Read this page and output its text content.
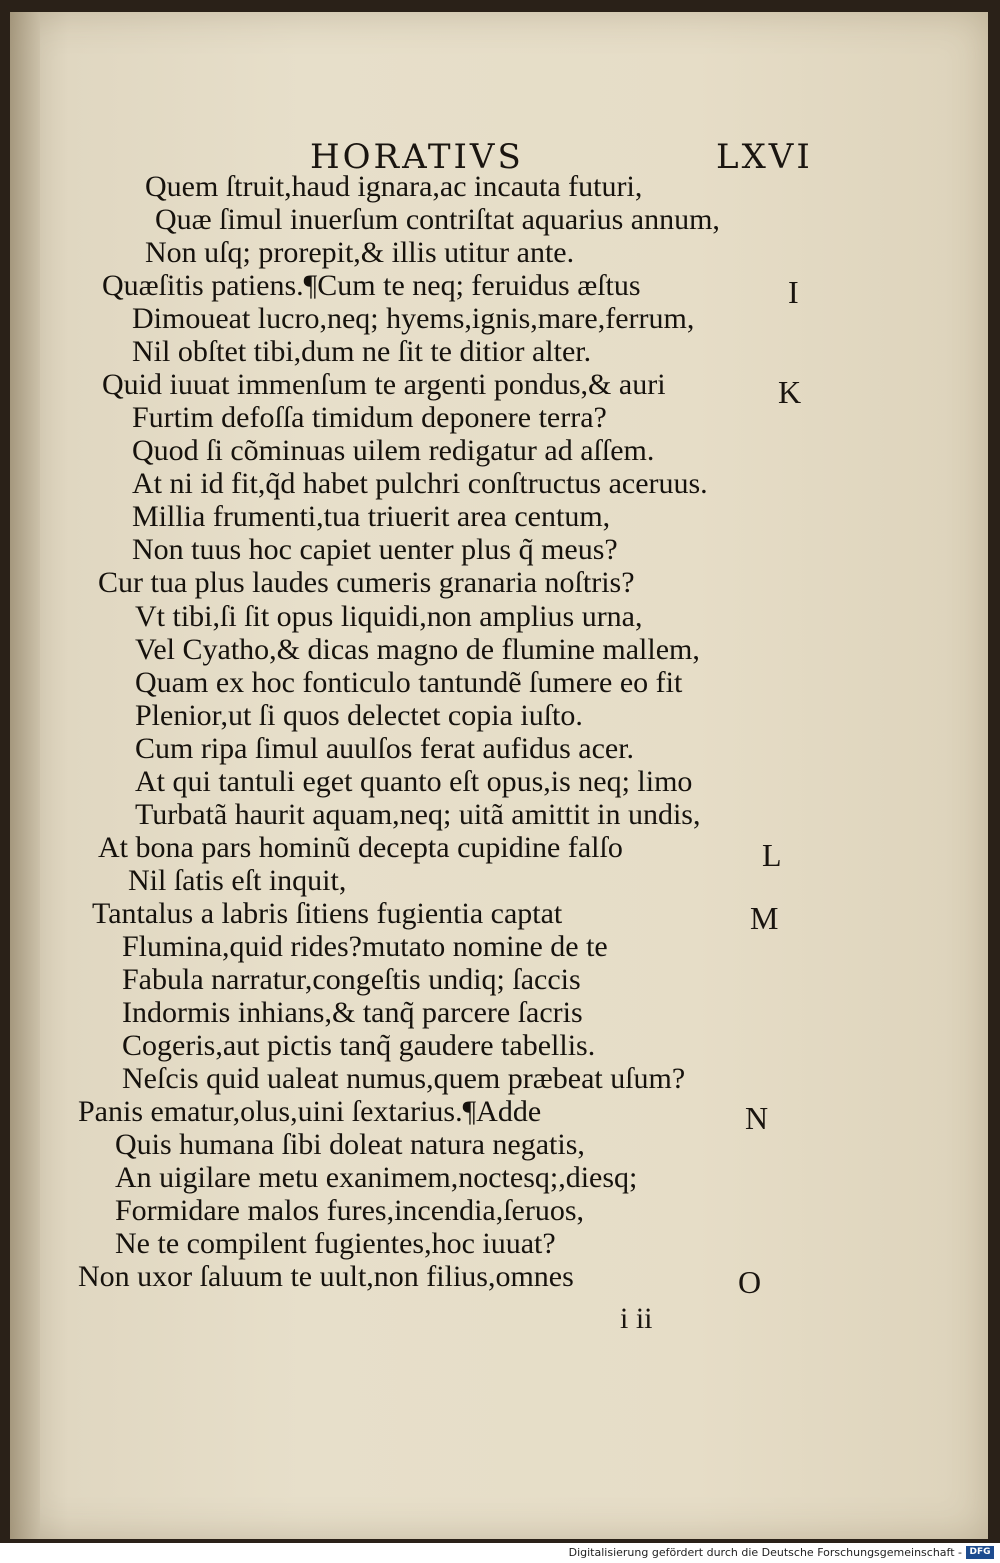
HORATIVS	LXVI
Quem ſtruit,haud ignara,ac incauta futuri,
Quæ ſimul inuerſum contriſtat aquarius annum,
Non uſq; prorepit,& illis utitur ante.
Quæſitis patiens.¶Cum te neq; feruidus æſtus
Dimoueat lucro,neq; hyems,ignis,mare,ferrum,
Nil obſtet tibi,dum ne ſit te ditior alter.
Quid iuuat immenſum te argenti pondus,& auri
Furtim defoſſa timidum deponere terra?
Quod ſi cõminuas uilem redigatur ad aſſem.
At ni id fit,q̃d habet pulchri conſtructus aceruus.
Millia frumenti,tua triuerit area centum,
Non tuus hoc capiet uenter plus q̃ meus?
Cur tua plus laudes cumeris granaria noſtris?
Vt tibi,ſi ſit opus liquidi,non amplius urna,
Vel Cyatho,& dicas magno de flumine mallem,
Quam ex hoc fonticulo tantundẽ ſumere eo fit
Plenior,ut ſi quos delectet copia iuſto.
Cum ripa ſimul auulſos ferat aufidus acer.
At qui tantuli eget quanto eſt opus,is neq; limo
Turbatã haurit aquam,neq; uitã amittit in undis,
At bona pars hominũ decepta cupidine falſo
Nil ſatis eſt inquit,
Tantalus a labris ſitiens fugientia captat
Flumina,quid rides?mutato nomine de te
Fabula narratur,congeſtis undiq; ſaccis
Indormis inhians,& tanq̃ parcere ſacris
Cogeris,aut pictis tanq̃ gaudere tabellis.
Neſcis quid ualeat numus,quem præbeat uſum?
Panis ematur,olus,uini ſextarius.¶Adde
Quis humana ſibi doleat natura negatis,
An uigilare metu exanimem,noctesq;,diesq;
Formidare malos fures,incendia,ſeruos,
Ne te compilent fugientes,hoc iuuat?
Non uxor ſaluum te uult,non filius,omnes
I
K
L
M
N
O
i ii
Digitalisierung gefördert durch die Deutsche Forschungsgemeinschaft - DFG
